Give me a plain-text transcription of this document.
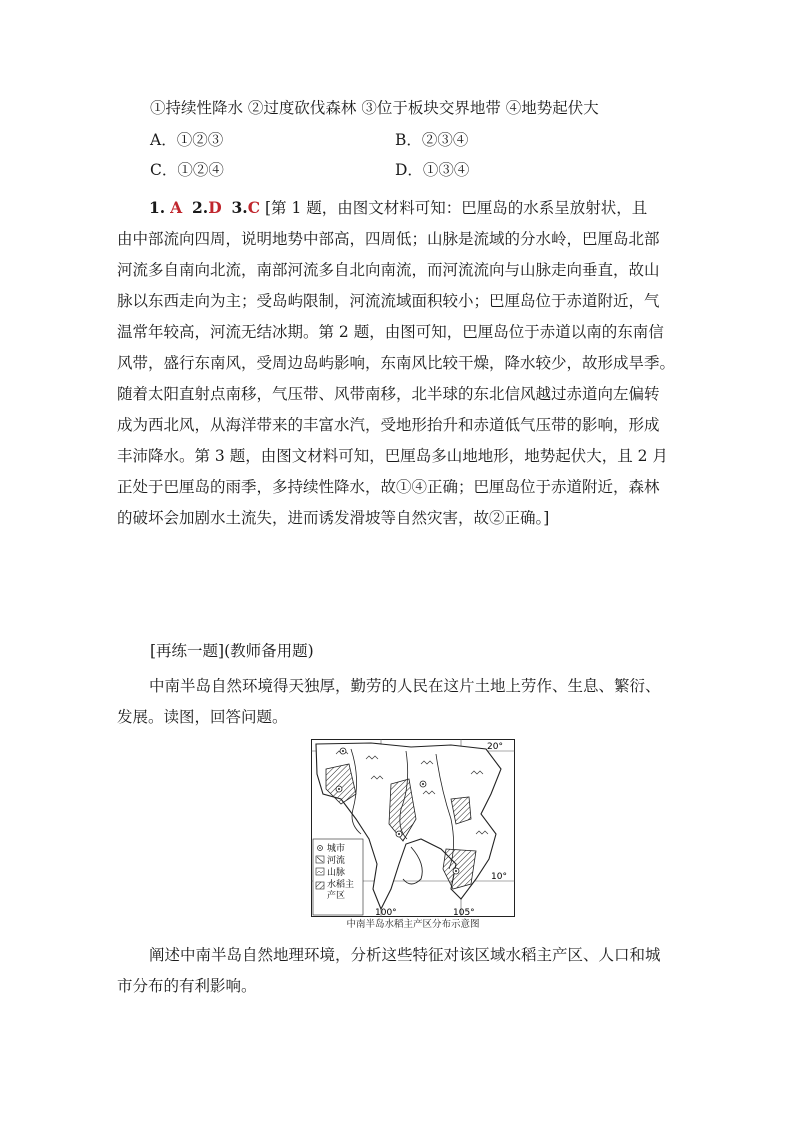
①持续性降水 ②过度砍伐森林 ③位于板块交界地带 ④地势起伏大
A．①②③	B．②③④
C．①②④	D．①③④

1. A 2.D 3.C [第 1 题，由图文材料可知：巴厘岛的水系呈放射状，且

由中部流向四周，说明地势中部高，四周低；山脉是流域的分水岭，巴厘岛北部

河流多自南向北流，南部河流多自北向南流，而河流流向与山脉走向垂直，故山

脉以东西走向为主；受岛屿限制，河流流域面积较小；巴厘岛位于赤道附近，气

温常年较高，河流无结冰期。第 2 题，由图可知，巴厘岛位于赤道以南的东南信

风带，盛行东南风，受周边岛屿影响，东南风比较干燥，降水较少，故形成旱季。

随着太阳直射点南移，气压带、风带南移，北半球的东北信风越过赤道向左偏转

成为西北风，从海洋带来的丰富水汽，受地形抬升和赤道低气压带的影响，形成

丰沛降水。第 3 题，由图文材料可知，巴厘岛多山地地形，地势起伏大，且 2 月

正处于巴厘岛的雨季，多持续性降水，故①④正确；巴厘岛位于赤道附近，森林

的破坏会加剧水土流失，进而诱发滑坡等自然灾害，故②正确。]

[再练一题](教师备用题)

中南半岛自然环境得天独厚，勤劳的人民在这片土地上劳作、生息、繁衍、

发展。读图，回答问题。

城市
河流
山脉
水稻主
产区
20°
10°
100°	105°
中南半岛水稻主产区分布示意图

阐述中南半岛自然地理环境，分析这些特征对该区域水稻主产区、人口和城

市分布的有利影响。
